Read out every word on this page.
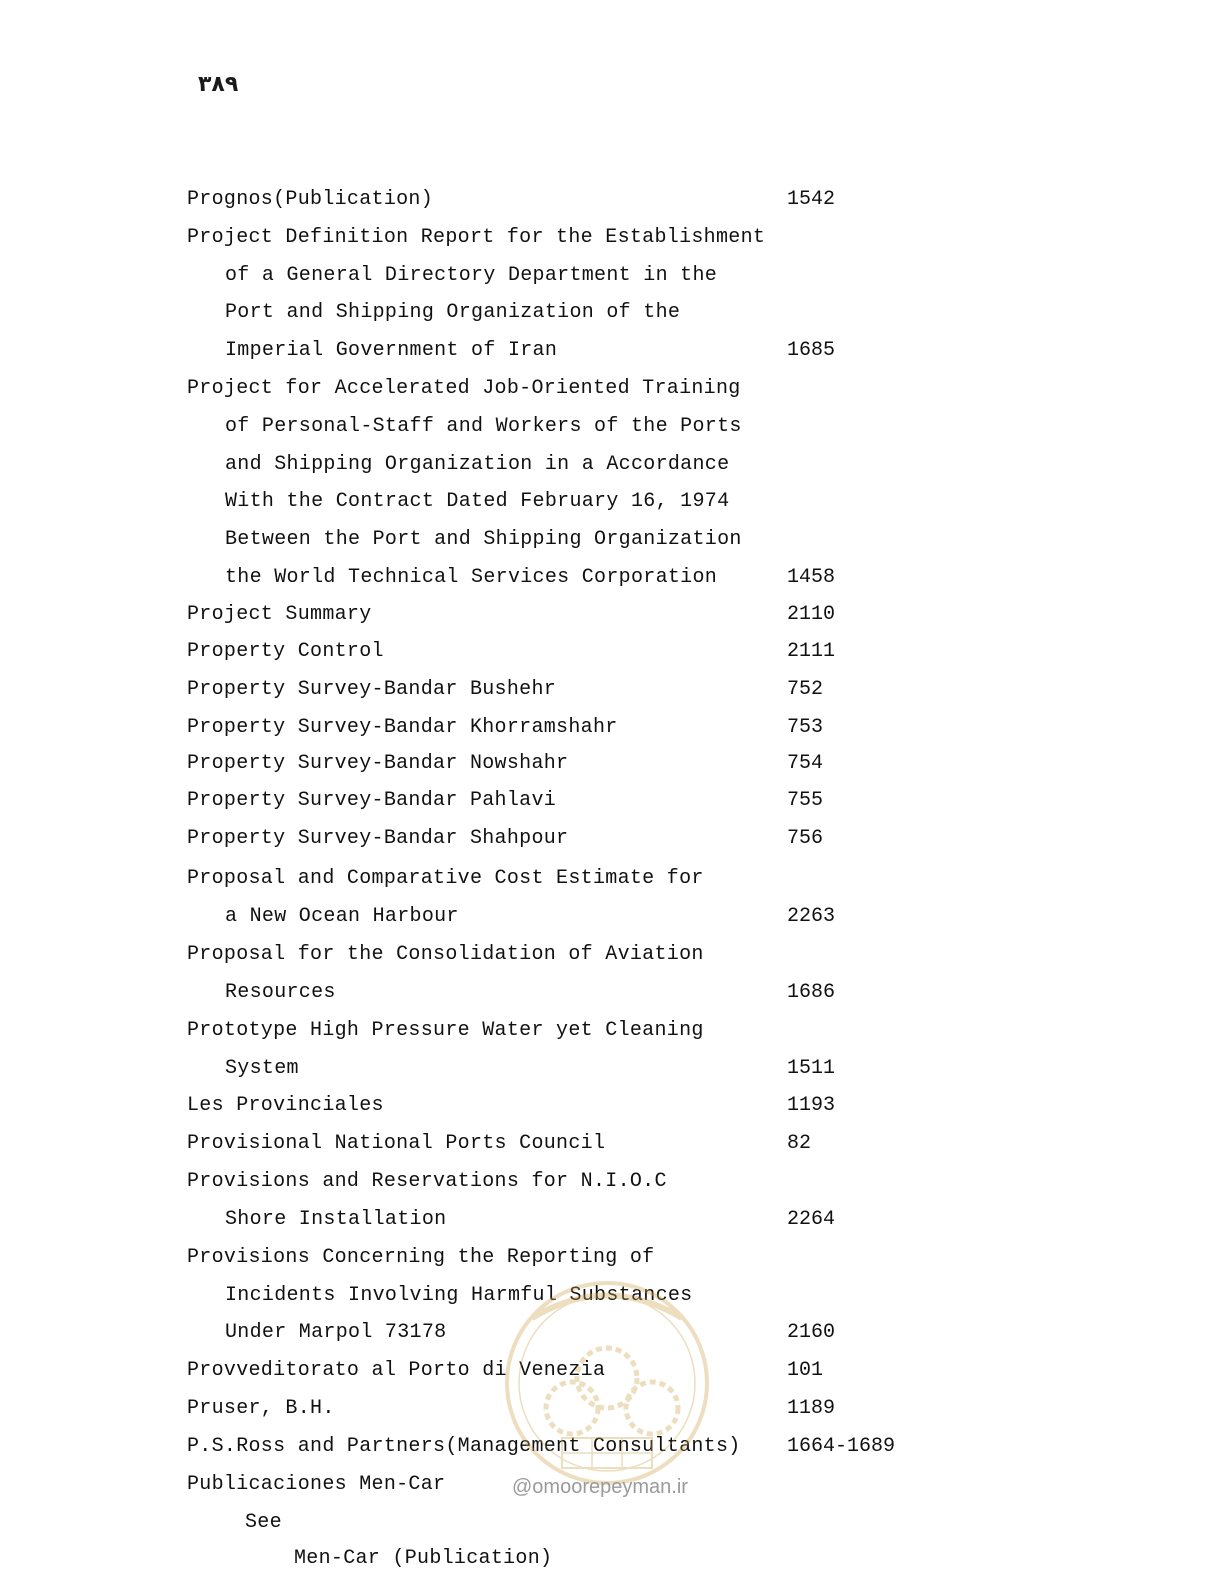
۳۸۹
Prognos(Publication)	1542
Project Definition Report for the Establishment
of a General Directory Department in the
Port and Shipping Organization of the
Imperial Government of Iran	1685
Project for Accelerated Job-Oriented Training
of Personal-Staff and Workers of the Ports
and Shipping Organization in a Accordance
With the Contract Dated February 16, 1974
Between the Port and Shipping Organization
the World Technical Services Corporation	1458
Project Summary	2110
Property Control	2111
Property Survey-Bandar Bushehr	752
Property Survey-Bandar Khorramshahr	753
Property Survey-Bandar Nowshahr	754
Property Survey-Bandar Pahlavi	755
Property Survey-Bandar Shahpour	756
Proposal and Comparative Cost Estimate for
a New Ocean Harbour	2263
Proposal for the Consolidation of Aviation
Resources	1686
Prototype High Pressure Water yet Cleaning
System	1511
Les Provinciales	1193
Provisional National Ports Council	82
Provisions and Reservations for N.I.O.C
Shore Installation	2264
Provisions Concerning the Reporting of
Incidents Involving Harmful Substances
Under Marpol 73178	2160
Provveditorato al Porto di Venezia	101
Pruser, B.H.	1189
P.S.Ross and Partners(Management Consultants) 1664-1689
Publicaciones Men-Car
See
Men-Car (Publication)
@omoorepeyman.ir
